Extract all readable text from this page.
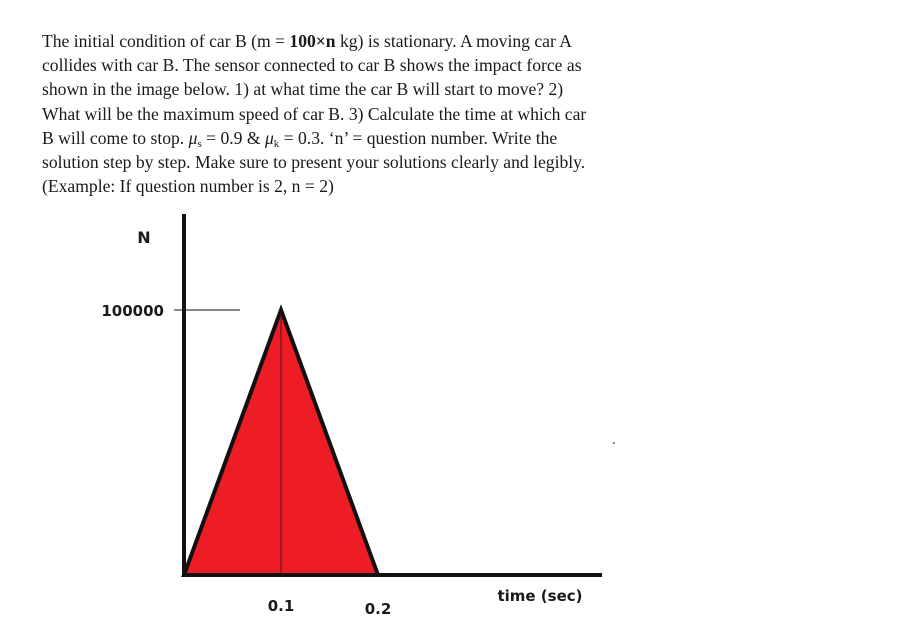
The initial condition of car B (m = 100×n kg) is stationary. A moving car A
collides with car B. The sensor connected to car B shows the impact force as
shown in the image below. 1) at what time the car B will start to move? 2)
What will be the maximum speed of car B. 3) Calculate the time at which car
B will come to stop. $\mu_s = 0.9$ & $\mu_k = 0.3$. ‘n’ = question number. Write the
solution step by step. Make sure to present your solutions clearly and legibly.
(Example: If question number is 2, n = 2)
100000
0.1	0.2
N
time (sec)
